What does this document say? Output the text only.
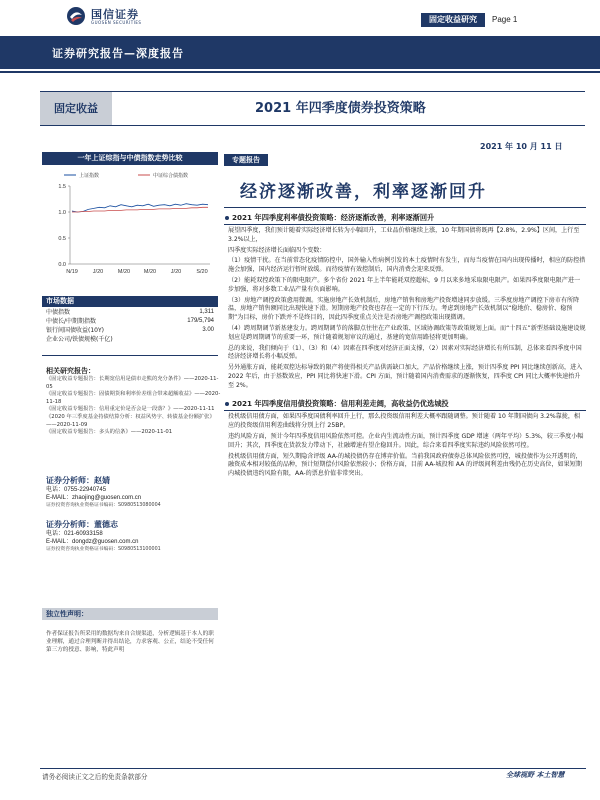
国信证券
GUOSEN SECURITIES	固定收益研究	Page 1
证券研究报告—深度报告
固定收益	2021 年四季度债券投资策略
2021 年 10 月 11 日
一年上证综指与中债指数走势比较
上证指数	中证综合债指数
1.5
1.0
0.5
0.0
N/19	J/20	M/20	M/20	J/20	S/20
市场数据
中债指数	1,311
中债长/中期期指数	179/5,794
银行间国债收益(10Y)	3.00
企业公司/铁债规模(千亿)
相关研究报告：
《固定收益专题报告：长期宽信用是债市走熊的充分条件》——2020-11-05
《固定收益专题报告：固债期货和利率价差组合带来超额收益》——2020-11-18
《固定收益专题报告：信用重定价是否会是一段落？》——2020-11-11
《2020 年三季度基金持债结算分析：权益风势宇、转债基金份额扩张》——2020-11-09
《固定收益专题报告：多头的信条》——2020-11-01
证券分析师：赵婧
电话：0755-22940745
E-MAIL：zhaojing@guosen.com.cn
证券投资咨询执业资格证书编码：S0980513080004
证券分析师：董德志
电话：021-60933158
E-MAIL：dongdz@guosen.com.cn
证券投资咨询执业资格证书编码：S0980513100001
独立性声明：
作者保证报告所采用的数据均来自合规渠道，分析逻辑基于本人的职业理解，通过合理判断并得出结论，力求客观、公正，结论不受任何第三方的授意、影响，特此声明
专题报告
经济逐渐改善，利率逐渐回升
2021 年四季度利率债投资策略：经济逐渐改善，利率逐渐回升
展望四季度，我们预计随着实际经济增长转为小幅回升，工业品价格继续上涨，10 年期国债将既再【2.8%，2.9%】区间，上行至 3.2%以上，
四季度实际经济增长面临四个变数：
（1）疫情干扰。在当前常态化疫情防控中，国外输入性病例引发的本土疫情时有发生，而每当疫情在国内出现传播时，相应的防控措施会加强，国内经济运行暂时放缓。而待疫情有效控制后，国内消费会迎来反弹。
（2）能耗双控政策下的限电限产。多个省份 2021 年上半年能耗双控超标，9 月以来多地采取限电限产。如果四季度限电限产进一步加强，将对多数工业品产量有负面影响。
（3）房地产调控政策愈用微调。实施房地产长效机制后，房地产销售和房地产投资增速同步放缓。三季度房地产调控下房市有所降温，房地产销售额同比出现快速下滑。短期房地产投资也存在一定的下行压力。考虑到房地产长效机制以“稳地价、稳房价、稳预期”为目标，房价下跌并不是终目的，因此四季度重点关注是否房地产调控政策出现微调。
（4）跨周期调节新基建发力。跨周期调节的落脚点往往在产业政策、区域协调政策等政策规划上面。而“十四五”新型基础设施建设规划应是跨周期调节的重要一环，预计随着规划审议的通过，基建的宽信用路径将更加明确。
总的来说，我们倾向于（1）、（3）和（4）因素在四季度对经济正面支撑，（2）因素对实际经济增长有所压制，总体来看四季度中国经济经济增长将小幅反弹。
另外通胀方面，能耗双控达标导致的限产将使得相关产品供需缺口加大，产品价格继续上涨，预计四季度 PPI 同比继续创新高，进入 2022 年后，由于基数效应，PPI 同比将快速下滑。CPI 方面，预计随着国内消费需求的逐渐恢复，四季度 CPI 同比大概率快速抬升至 2%。
2021 年四季度信用债投资策略：信用利差走阔，高收益仍优选城投
投机级信用债方面，如果四季度国债利率回升上行，那么投资级信用利差大概率跟随调整。预计随着 10 年期国债向 3.2%靠拢，相应的投资级信用利差曲线将分别上行 25BP。
违约风险方面，预计今年四季度信用风险依然可控。企业内生流动性方面，预计四季度 GDP 增速（两年平均）5.3%，较三季度小幅回升；其次，四季度在货款发力带动下，社融增速有望企稳回升。因此，综合来看四季度实际违约风险依然可控。
投机级信用债方面，短久期隐含评级 AA-的城投债仍存在博弈价值。当前我国政府债券总体风险依然可控，城投债作为公开透明的，融资成本相对较低的品种，预计短期偿付风险依然较小；价格方面，目前 AA-城投和 AA 的评级间利差由残仍在历史高位，如果短期内城投债违约风险有限，AA-的票息价值非常突出。
请务必阅读正文之后的免责条款部分	全球视野 本土智慧
